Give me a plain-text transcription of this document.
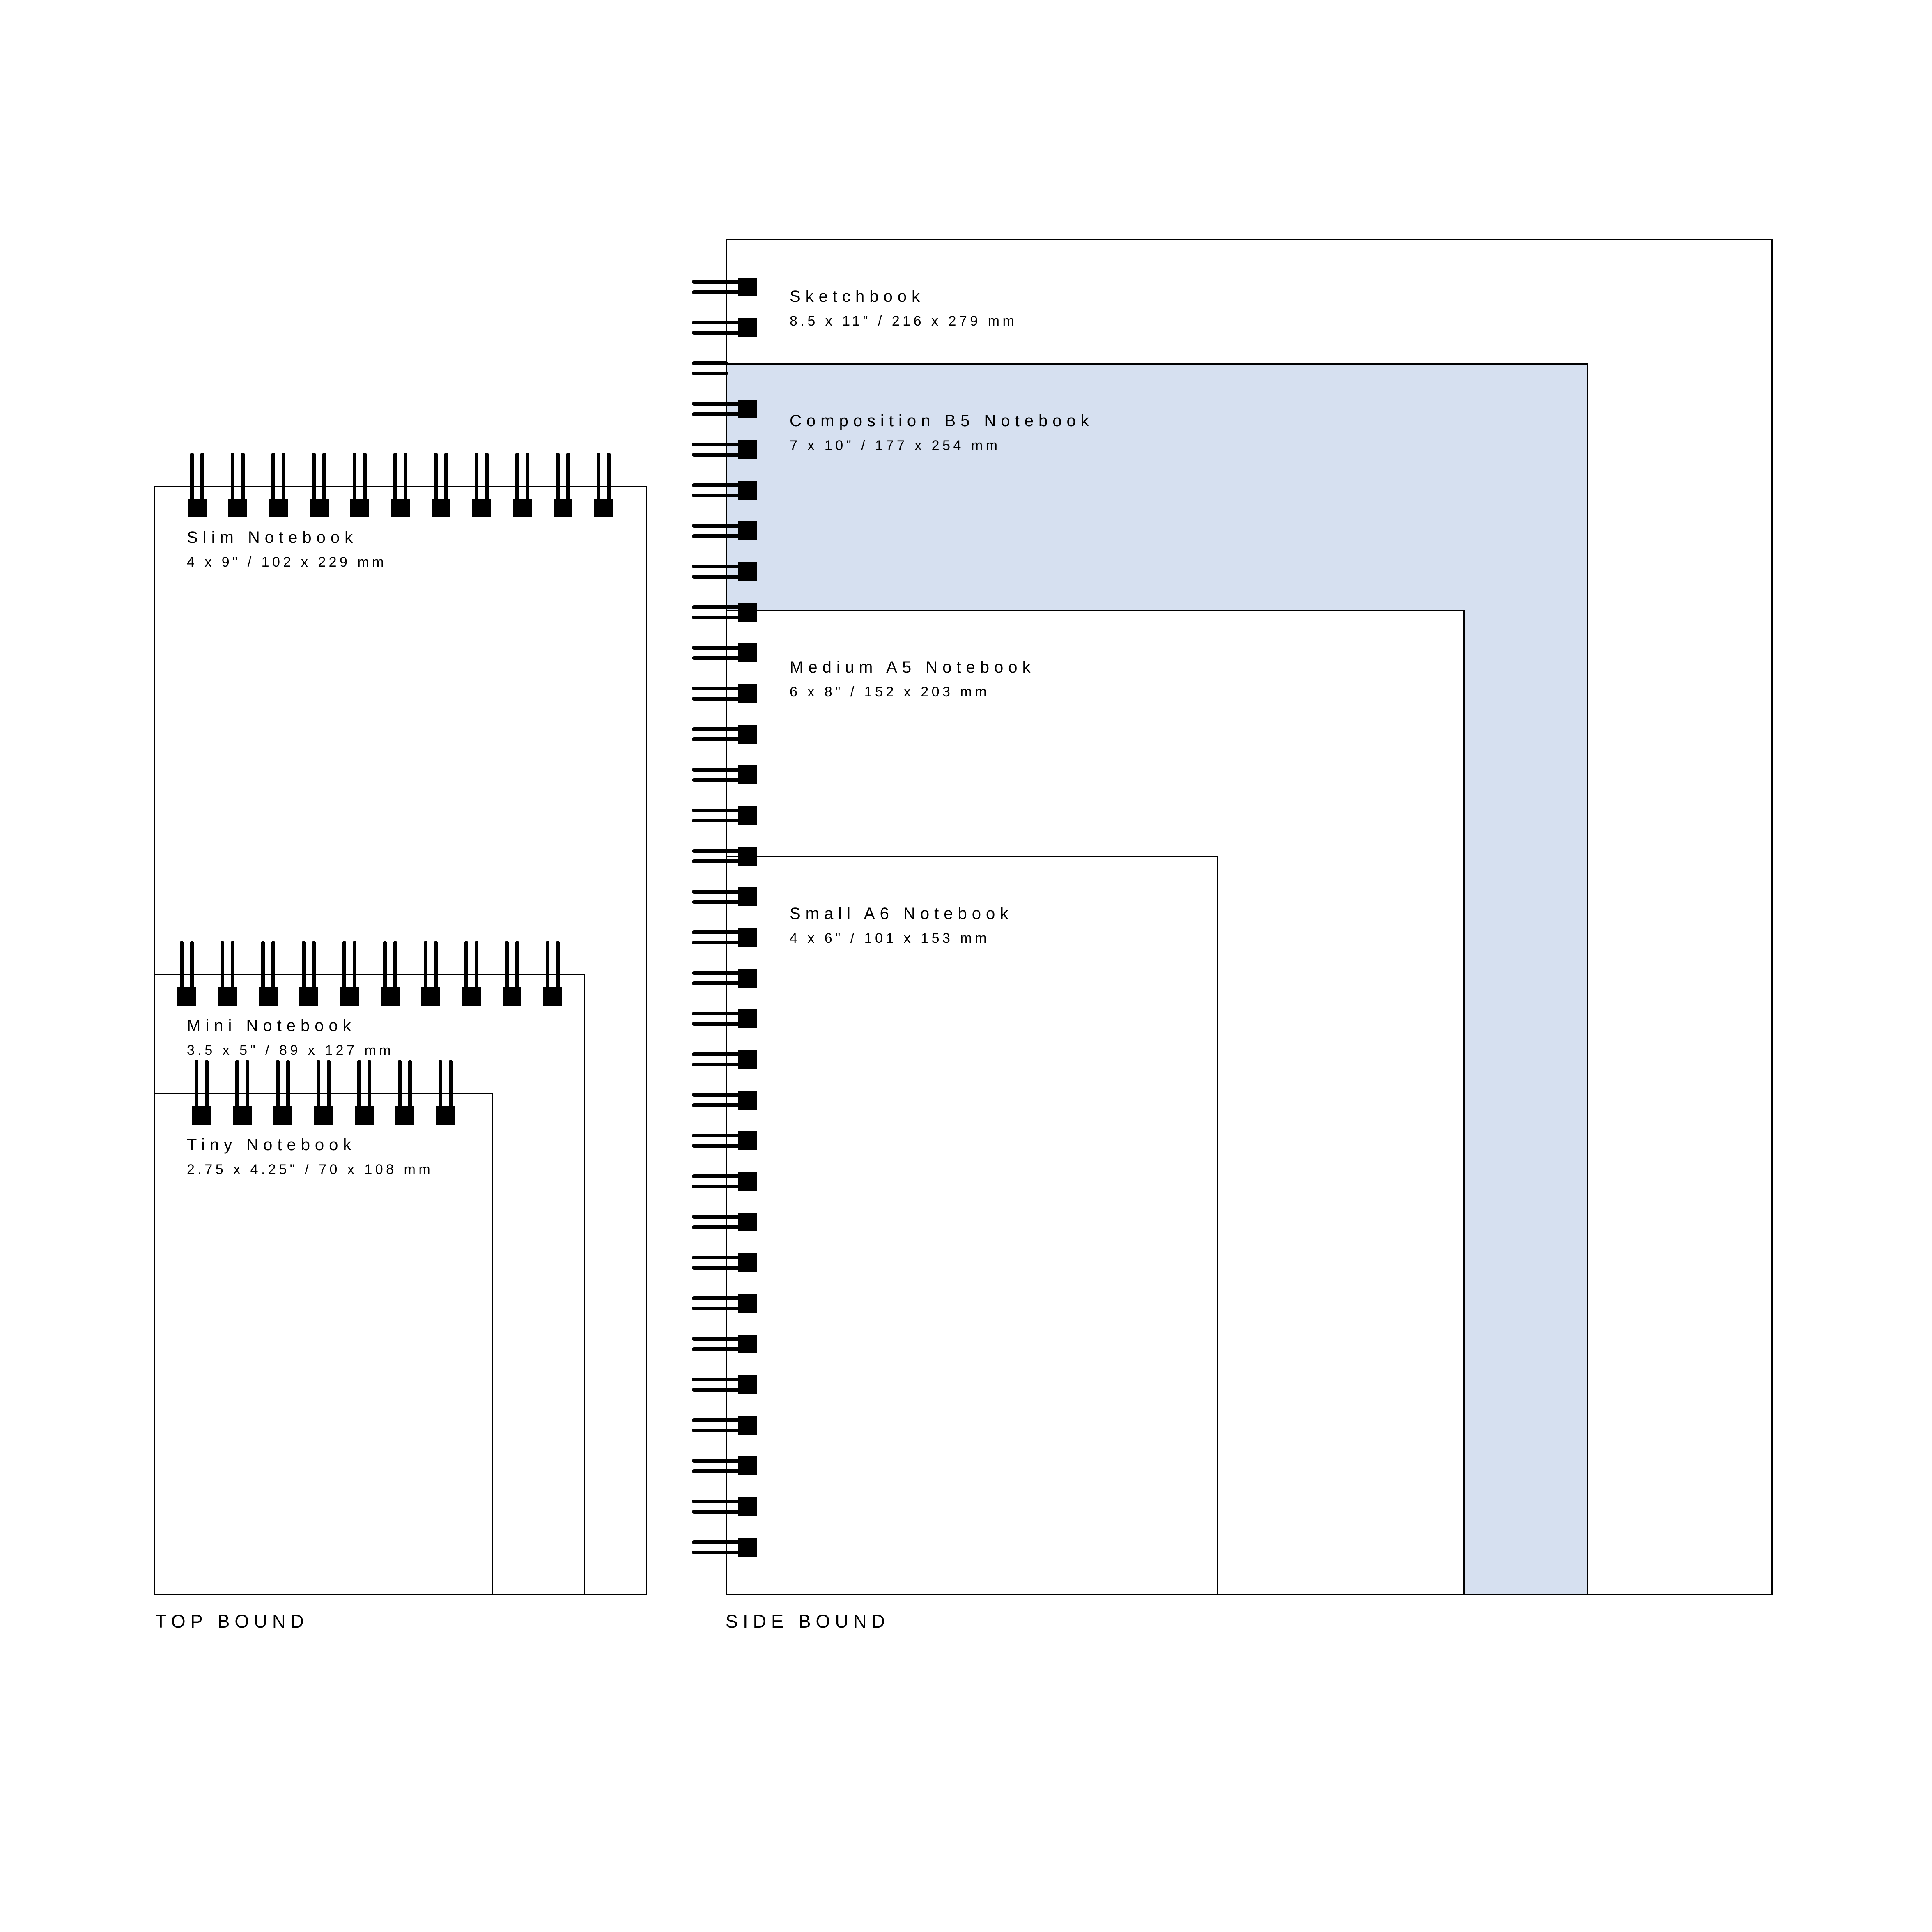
Slim Notebook
4 x 9" / 102 x 229 mm
Mini Notebook
3.5 x 5" / 89 x 127 mm
Tiny Notebook
2.75 x 4.25" / 70 x 108 mm
Sketchbook
8.5 x 11" / 216 x 279 mm
Composition B5 Notebook
7 x 10" / 177 x 254 mm
Medium A5 Notebook
6 x 8" / 152 x 203 mm
Small A6 Notebook
4 x 6" / 101 x 153 mm
TOP BOUND	SIDE BOUND
